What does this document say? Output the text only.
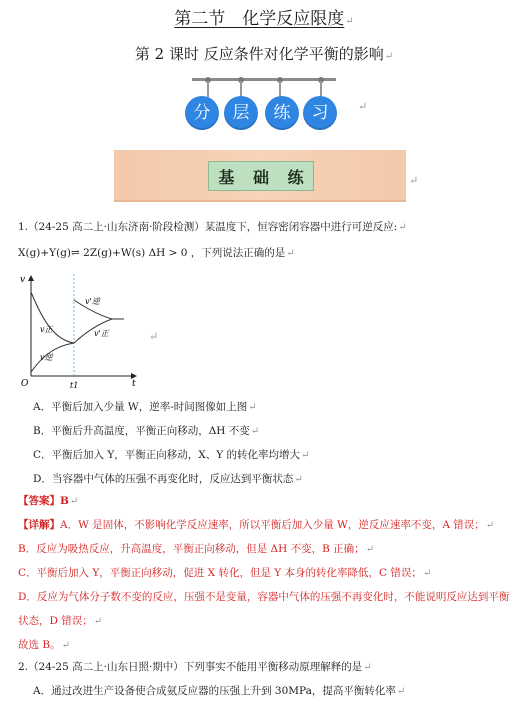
第二节　化学反应限度↵
第 2 课时 反应条件对化学平衡的影响↵
分	层	练	习	↵
基 础 练	↵
1.（24-25 高二上·山东济南·阶段检测）某温度下，恒容密闭容器中进行可逆反应:↵
X(g)+Y(g)⇌ 2Z(g)+W(s) ΔH > 0 ，下列说法正确的是↵
v
t
O	t1
v正
v逆
v'逆
v'正	↵
A．平衡后加入少量 W，逆率-时间图像如上图↵
B．平衡后升高温度，平衡正向移动，ΔH 不变↵
C．平衡后加入 Y，平衡正向移动，X、Y 的转化率均增大↵
D．当容器中气体的压强不再变化时，反应达到平衡状态↵
【答案】B↵
【详解】A．W 是固体，不影响化学反应速率，所以平衡后加入少量 W，逆反应速率不变，A 错误；↵
B．反应为吸热反应，升高温度，平衡正向移动，但是 ΔH 不变，B 正确；↵
C．平衡后加入 Y，平衡正向移动，促进 X 转化，但是 Y 本身的转化率降低，C 错误；↵
D．反应为气体分子数不变的反应，压强不是变量，容器中气体的压强不再变化时，不能说明反应达到平衡
状态，D 错误；↵
故选 B。↵
2.（24-25 高二上·山东日照·期中）下列事实不能用平衡移动原理解释的是↵
A．通过改进生产设备使合成氨反应器的压强上升到 30MPa，提高平衡转化率↵
